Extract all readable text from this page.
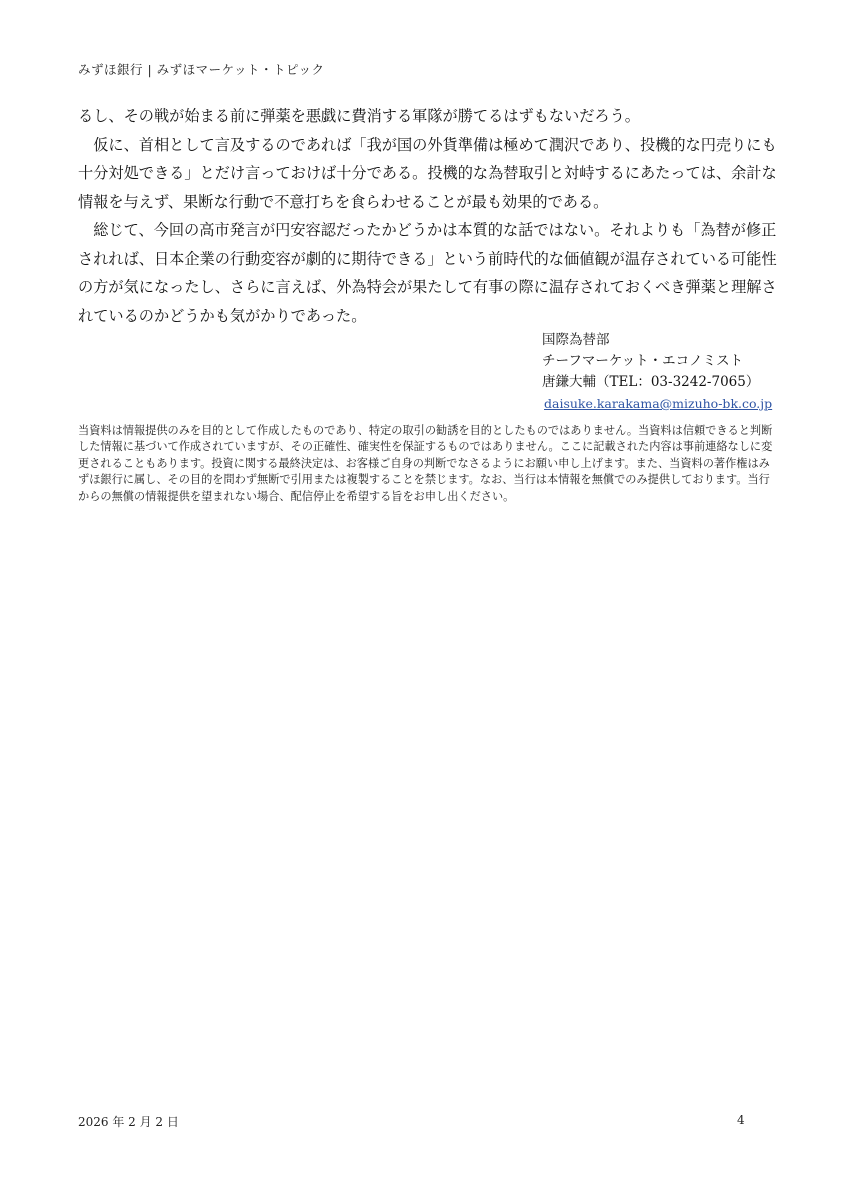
みずほ銀行 | みずほマーケット・トピック

るし、その戦が始まる前に弾薬を悪戯に費消する軍隊が勝てるはずもないだろう。

仮に、首相として言及するのであれば「我が国の外貨準備は極めて潤沢であり、投機的な円売りにも十分対処できる」とだけ言っておけば十分である。投機的な為替取引と対峙するにあたっては、余計な情報を与えず、果断な行動で不意打ちを食らわせることが最も効果的である。

総じて、今回の高市発言が円安容認だったかどうかは本質的な話ではない。それよりも「為替が修正されれば、日本企業の行動変容が劇的に期待できる」という前時代的な価値観が温存されている可能性の方が気になったし、さらに言えば、外為特会が果たして有事の際に温存されておくべき弾薬と理解されているのかどうかも気がかりであった。

国際為替部
チーフマーケット・エコノミスト
唐鎌大輔（TEL：03-3242-7065）
daisuke.karakama@mizuho-bk.co.jp
当資料は情報提供のみを目的として作成したものであり、特定の取引の勧誘を目的としたものではありません。当資料は信頼できると判断した情報に基づいて作成されていますが、その正確性、確実性を保証するものではありません。ここに記載された内容は事前連絡なしに変更されることもあります。投資に関する最終決定は、お客様ご自身の判断でなさるようにお願い申し上げます。また、当資料の著作権はみずほ銀行に属し、その目的を問わず無断で引用または複製することを禁じます。なお、当行は本情報を無償でのみ提供しております。当行からの無償の情報提供を望まれない場合、配信停止を希望する旨をお申し出ください。
2026 年 2 月 2 日	4
